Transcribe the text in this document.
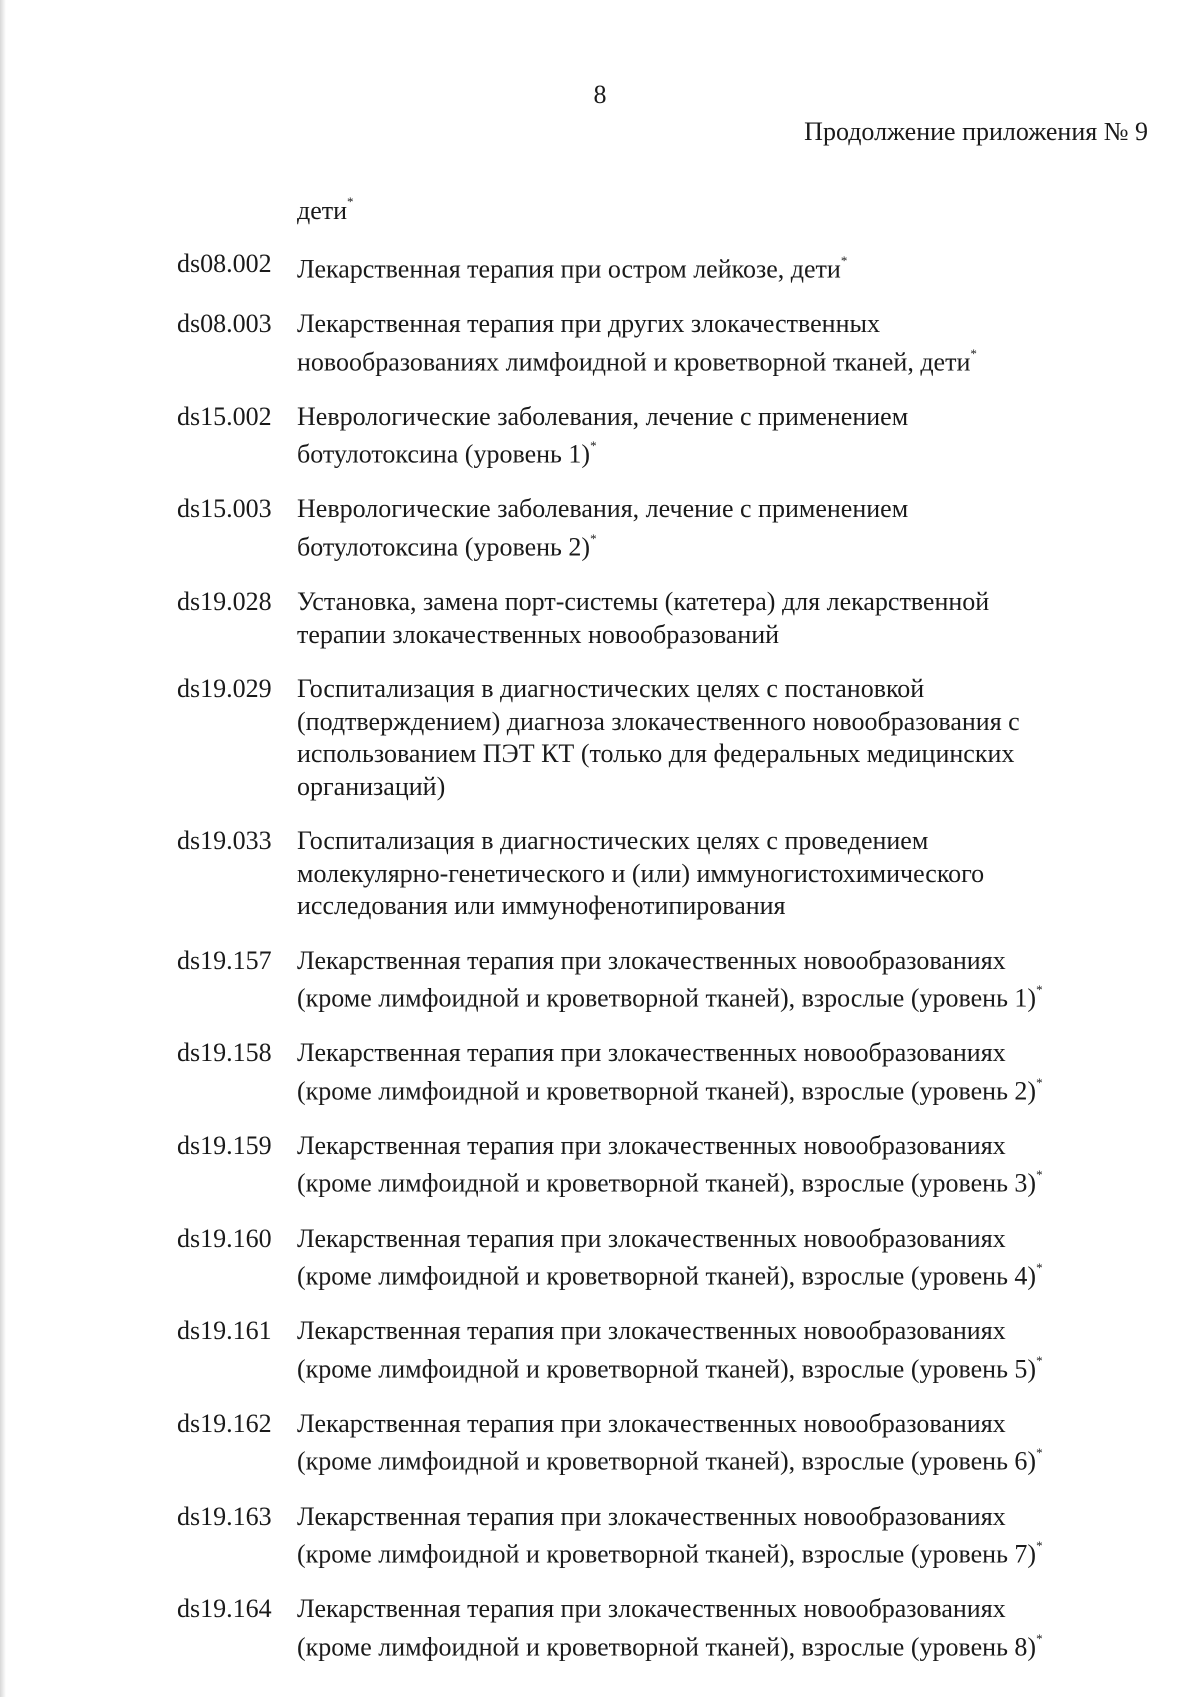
8
Продолжение приложения № 9
дети*
ds08.002 Лекарственная терапия при остром лейкозе, дети*
ds08.003 Лекарственная терапия при других злокачественных
новообразованиях лимфоидной и кроветворной тканей, дети*
ds15.002 Неврологические заболевания, лечение с применением
ботулотоксина (уровень 1)*
ds15.003 Неврологические заболевания, лечение с применением
ботулотоксина (уровень 2)*
ds19.028 Установка, замена порт-системы (катетера) для лекарственной
терапии злокачественных новообразований
ds19.029 Госпитализация в диагностических целях с постановкой
(подтверждением) диагноза злокачественного новообразования с
использованием ПЭТ КТ (только для федеральных медицинских
организаций)
ds19.033 Госпитализация в диагностических целях с проведением
молекулярно-генетического и (или) иммуногистохимического
исследования или иммунофенотипирования
ds19.157 Лекарственная терапия при злокачественных новообразованиях
(кроме лимфоидной и кроветворной тканей), взрослые (уровень 1)*
ds19.158 Лекарственная терапия при злокачественных новообразованиях
(кроме лимфоидной и кроветворной тканей), взрослые (уровень 2)*
ds19.159 Лекарственная терапия при злокачественных новообразованиях
(кроме лимфоидной и кроветворной тканей), взрослые (уровень 3)*
ds19.160 Лекарственная терапия при злокачественных новообразованиях
(кроме лимфоидной и кроветворной тканей), взрослые (уровень 4)*
ds19.161 Лекарственная терапия при злокачественных новообразованиях
(кроме лимфоидной и кроветворной тканей), взрослые (уровень 5)*
ds19.162 Лекарственная терапия при злокачественных новообразованиях
(кроме лимфоидной и кроветворной тканей), взрослые (уровень 6)*
ds19.163 Лекарственная терапия при злокачественных новообразованиях
(кроме лимфоидной и кроветворной тканей), взрослые (уровень 7)*
ds19.164 Лекарственная терапия при злокачественных новообразованиях
(кроме лимфоидной и кроветворной тканей), взрослые (уровень 8)*
